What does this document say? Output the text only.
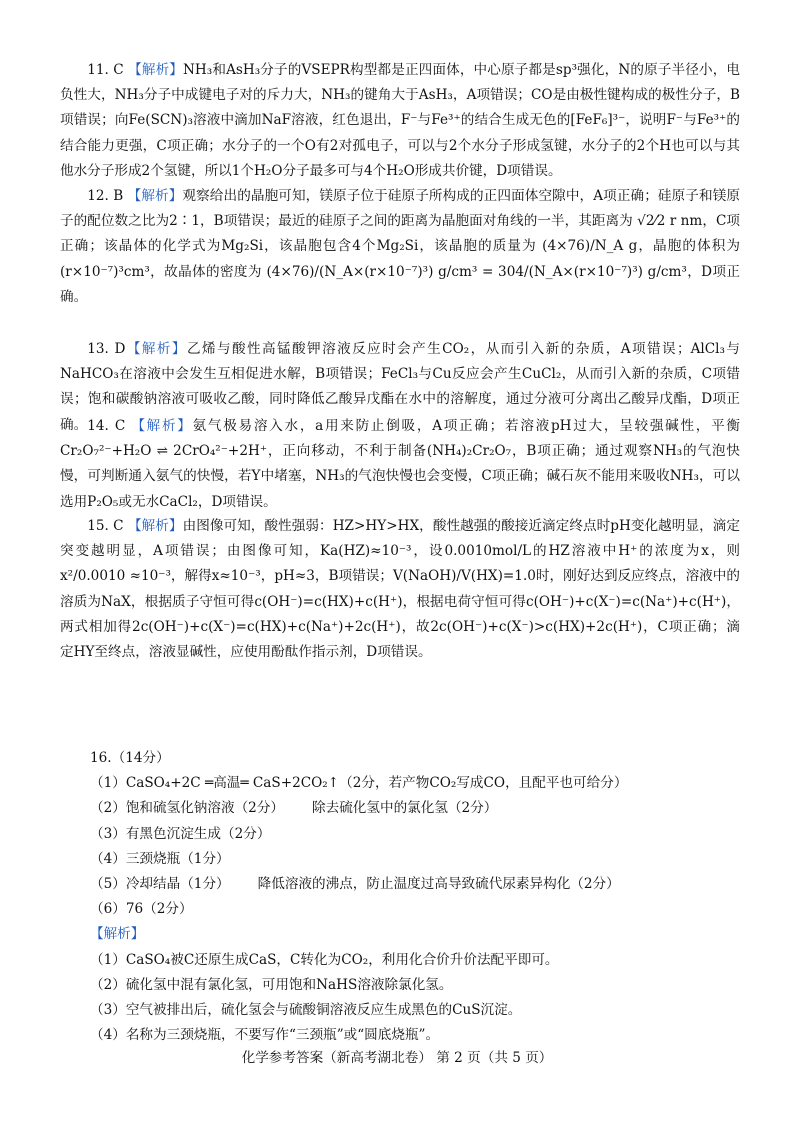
11. C 【解析】NH₃和AsH₃分子的VSEPR构型都是正四面体，中心原子都是sp³强化，N的原子半径小，电负性大，NH₃分子中成键电子对的斥力大，NH₃的键角大于AsH₃，A项错误；CO是由极性键构成的极性分子，B项错误；向Fe(SCN)₃溶液中滴加NaF溶液，红色退出，F⁻与Fe³⁺的结合生成无色的[FeF₆]³⁻，说明F⁻与Fe³⁺的结合能力更强，C项正确；水分子的一个O有2对孤电子，可以与2个水分子形成氢键，水分子的2个H也可以与其他水分子形成2个氢键，所以1个H₂O分子最多可与4个H₂O形成共价键，D项错误。

12. B 【解析】观察给出的晶胞可知，镁原子位于硅原子所构成的正四面体空隙中，A项正确；硅原子和镁原子的配位数之比为2∶1，B项错误；最近的硅原子之间的距离为晶胞面对角线的一半，其距离为 √2⁄2 r nm，C项正确；该晶体的化学式为Mg₂Si，该晶胞包含4个Mg₂Si，该晶胞的质量为 (4×76)/N_A g，晶胞的体积为 (r×10⁻⁷)³cm³，故晶体的密度为 (4×76)/(N_A×(r×10⁻⁷)³) g/cm³ = 304/(N_A×(r×10⁻⁷)³) g/cm³，D项正确。

13. D【解析】乙烯与酸性高锰酸钾溶液反应时会产生CO₂，从而引入新的杂质，A项错误；AlCl₃与NaHCO₃在溶液中会发生互相促进水解，B项错误；FeCl₃与Cu反应会产生CuCl₂，从而引入新的杂质，C项错误；饱和碳酸钠溶液可吸收乙酸，同时降低乙酸异戊酯在水中的溶解度，通过分液可分离出乙酸异戊酯，D项正确。 14. C 【解析】氨气极易溶入水，a用来防止倒吸，A项正确；若溶液pH过大，呈较强碱性，平衡Cr₂O₇²⁻+H₂O ⇌ 2CrO₄²⁻+2H⁺，正向移动，不利于制备(NH₄)₂Cr₂O₇，B项正确；通过观察NH₃的气泡快慢，可判断通入氨气的快慢，若Y中堵塞，NH₃的气泡快慢也会变慢，C项正确；碱石灰不能用来吸收NH₃，可以选用P₂O₅或无水CaCl₂，D项错误。

15. C 【解析】由图像可知，酸性强弱：HZ>HY>HX，酸性越强的酸接近滴定终点时pH变化越明显，滴定突变越明显，A项错误；由图像可知，Ka(HZ)≈10⁻³，设0.0010mol/L的HZ溶液中H⁺的浓度为x，则 x²/0.0010 ≈10⁻³，解得x≈10⁻³，pH≈3，B项错误；V(NaOH)/V(HX)=1.0时，刚好达到反应终点，溶液中的溶质为NaX，根据质子守恒可得c(OH⁻)=c(HX)+c(H⁺)，根据电荷守恒可得c(OH⁻)+c(X⁻)=c(Na⁺)+c(H⁺)，两式相加得2c(OH⁻)+c(X⁻)=c(HX)+c(Na⁺)+2c(H⁺)，故2c(OH⁻)+c(X⁻)>c(HX)+2c(H⁺)，C项正确；滴定HY至终点，溶液显碱性，应使用酚酞作指示剂，D项错误。

16.（14分）
（1）CaSO₄+2C ═高温═ CaS+2CO₂↑（2分，若产物CO₂写成CO，且配平也可给分）
（2）饱和硫氢化钠溶液（2分） 除去硫化氢中的氯化氢（2分）
（3）有黑色沉淀生成（2分）
（4）三颈烧瓶（1分）
（5）冷却结晶（1分） 降低溶液的沸点，防止温度过高导致硫代尿素异构化（2分）
（6）76（2分）
【解析】
（1）CaSO₄被C还原生成CaS，C转化为CO₂，利用化合价升价法配平即可。
（2）硫化氢中混有氯化氢，可用饱和NaHS溶液除氯化氢。
（3）空气被排出后，硫化氢会与硫酸铜溶液反应生成黑色的CuS沉淀。
（4）名称为三颈烧瓶，不要写作“三颈瓶”或“圆底烧瓶”。
化学参考答案（新高考湖北卷） 第 2 页（共 5 页）
